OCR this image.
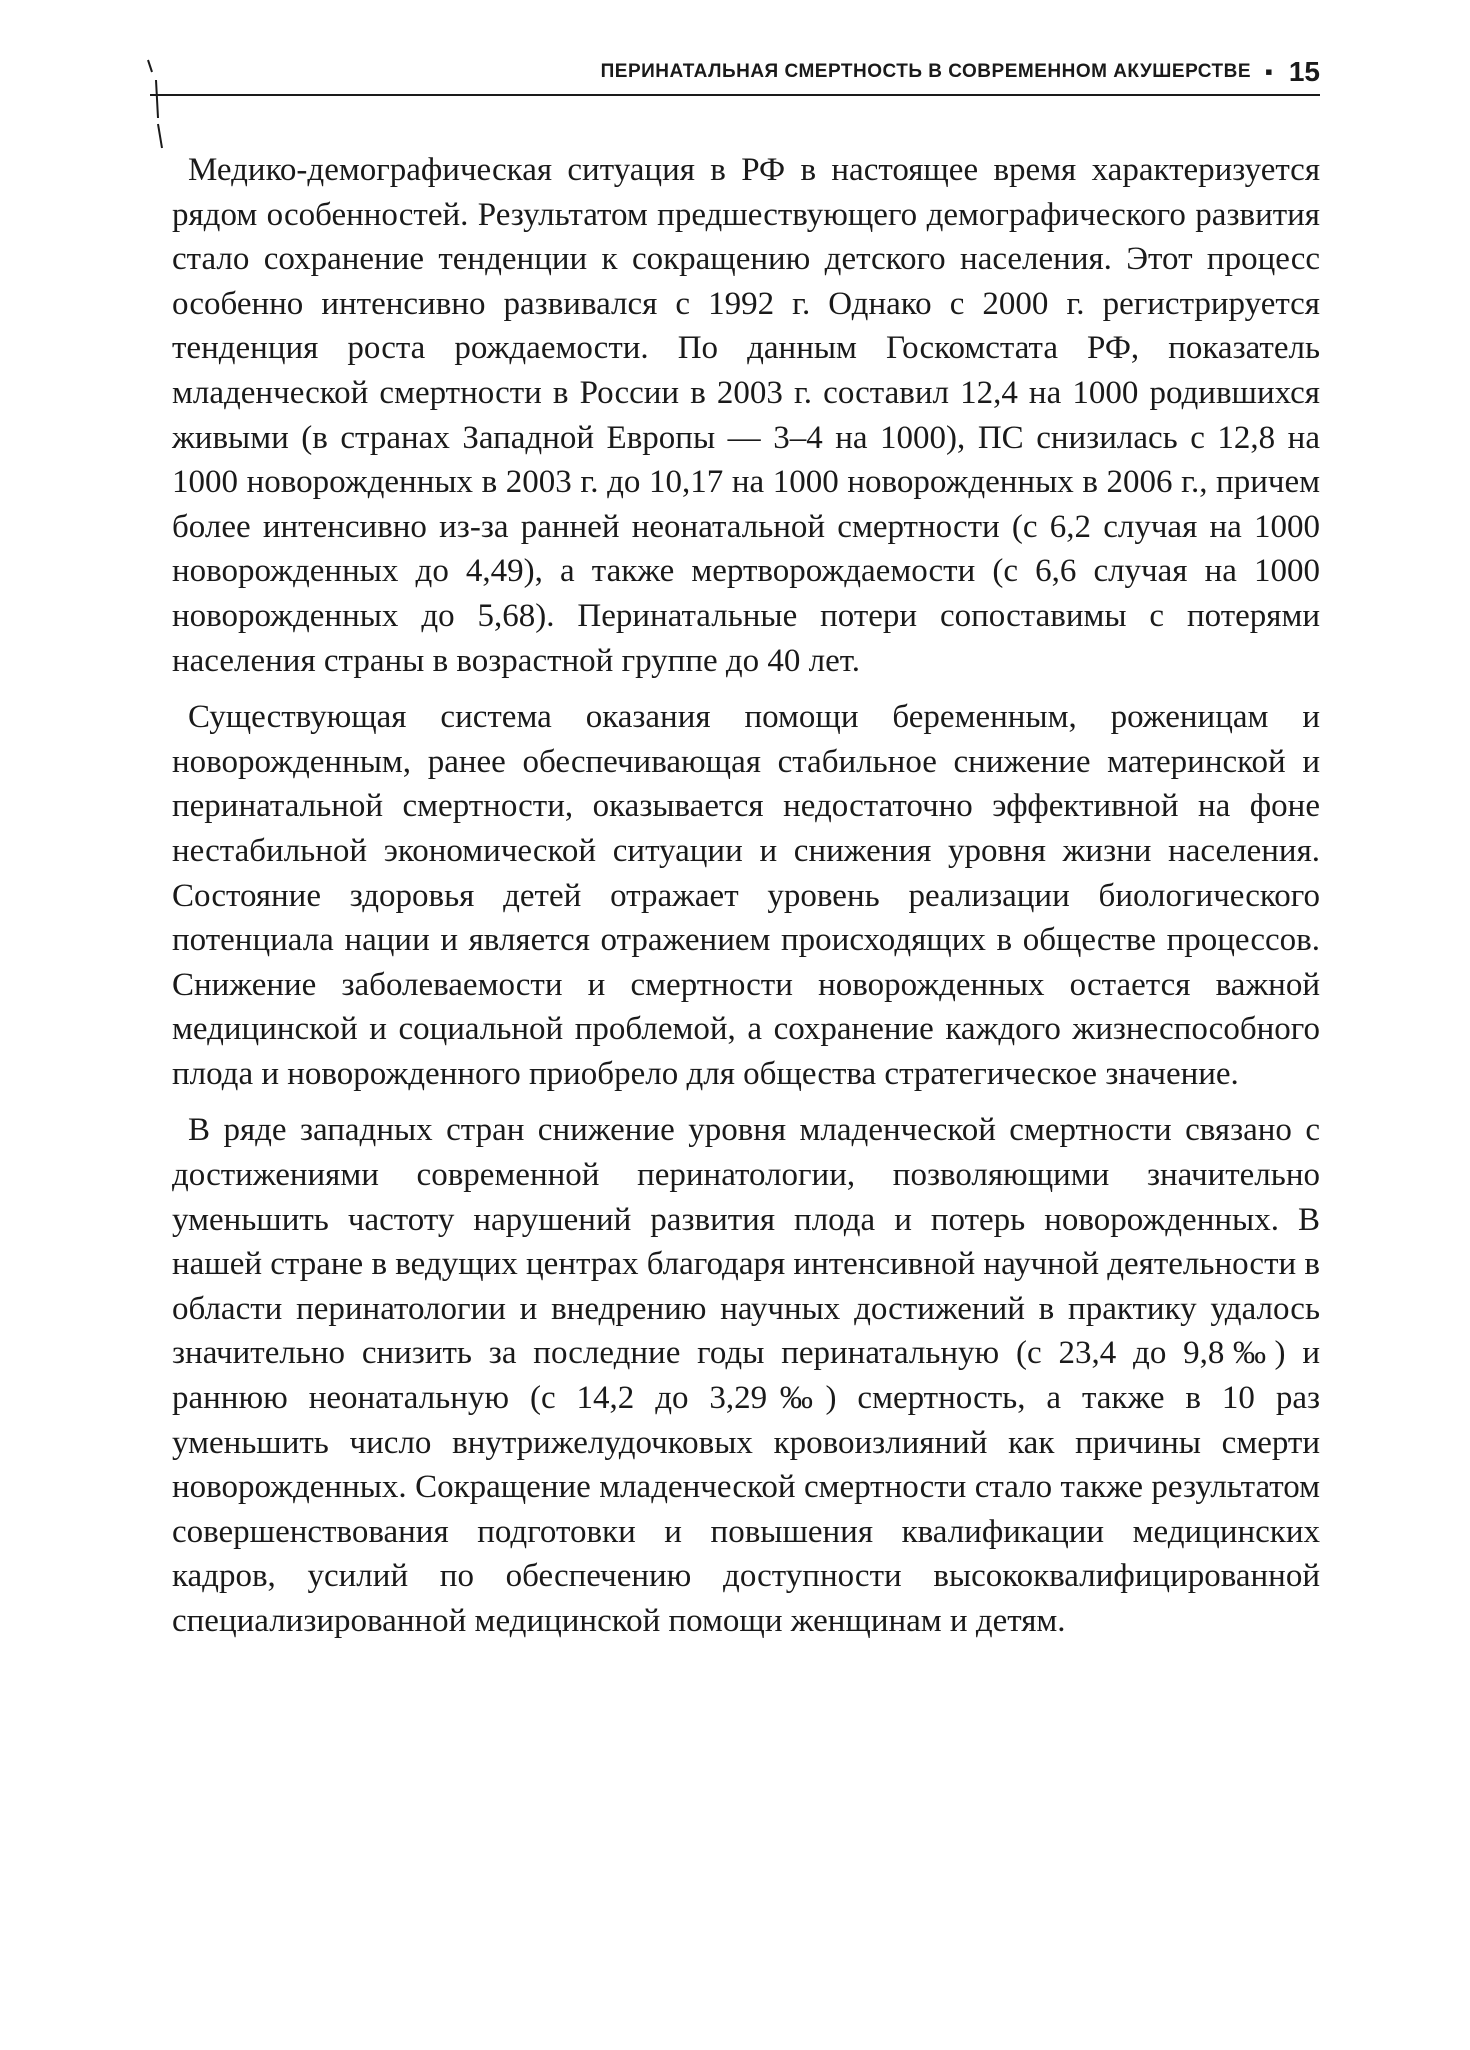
ПЕРИНАТАЛЬНАЯ СМЕРТНОСТЬ В СОВРЕМЕННОМ АКУШЕРСТВЕ ▪ 15

Медико-демографическая ситуация в РФ в настоящее время характеризуется рядом особенностей. Результатом предшествующего демографического развития стало сохранение тенденции к сокращению детского населения. Этот процесс особенно интенсивно развивался с 1992 г. Однако с 2000 г. регистрируется тенденция роста рождаемости. По данным Госкомстата РФ, показатель младенческой смертности в России в 2003 г. составил 12,4 на 1000 родившихся живыми (в странах Западной Европы — 3–4 на 1000), ПС снизилась с 12,8 на 1000 новорожденных в 2003 г. до 10,17 на 1000 новорожденных в 2006 г., причем более интенсивно из-за ранней неонатальной смертности (с 6,2 случая на 1000 новорожденных до 4,49), а также мертворождаемости (с 6,6 случая на 1000 новорожденных до 5,68). Перинатальные потери сопоставимы с потерями населения страны в возрастной группе до 40 лет.

Существующая система оказания помощи беременным, роженицам и новорожденным, ранее обеспечивающая стабильное снижение материнской и перинатальной смертности, оказывается недостаточно эффективной на фоне нестабильной экономической ситуации и снижения уровня жизни населения. Состояние здоровья детей отражает уровень реализации биологического потенциала нации и является отражением происходящих в обществе процессов. Снижение заболеваемости и смертности новорожденных остается важной медицинской и социальной проблемой, а сохранение каждого жизнеспособного плода и новорожденного приобрело для общества стратегическое значение.

В ряде западных стран снижение уровня младенческой смертности связано с достижениями современной перинатологии, позволяющими значительно уменьшить частоту нарушений развития плода и потерь новорожденных. В нашей стране в ведущих центрах благодаря интенсивной научной деятельности в области перинатологии и внедрению научных достижений в практику удалось значительно снизить за последние годы перинатальную (с 23,4 до 9,8‰) и раннюю неонатальную (с 14,2 до 3,29‰) смертность, а также в 10 раз уменьшить число внутрижелудочковых кровоизлияний как причины смерти новорожденных. Сокращение младенческой смертности стало также результатом совершенствования подготовки и повышения квалификации медицинских кадров, усилий по обеспечению доступности высококвалифицированной специализированной медицинской помощи женщинам и детям.
